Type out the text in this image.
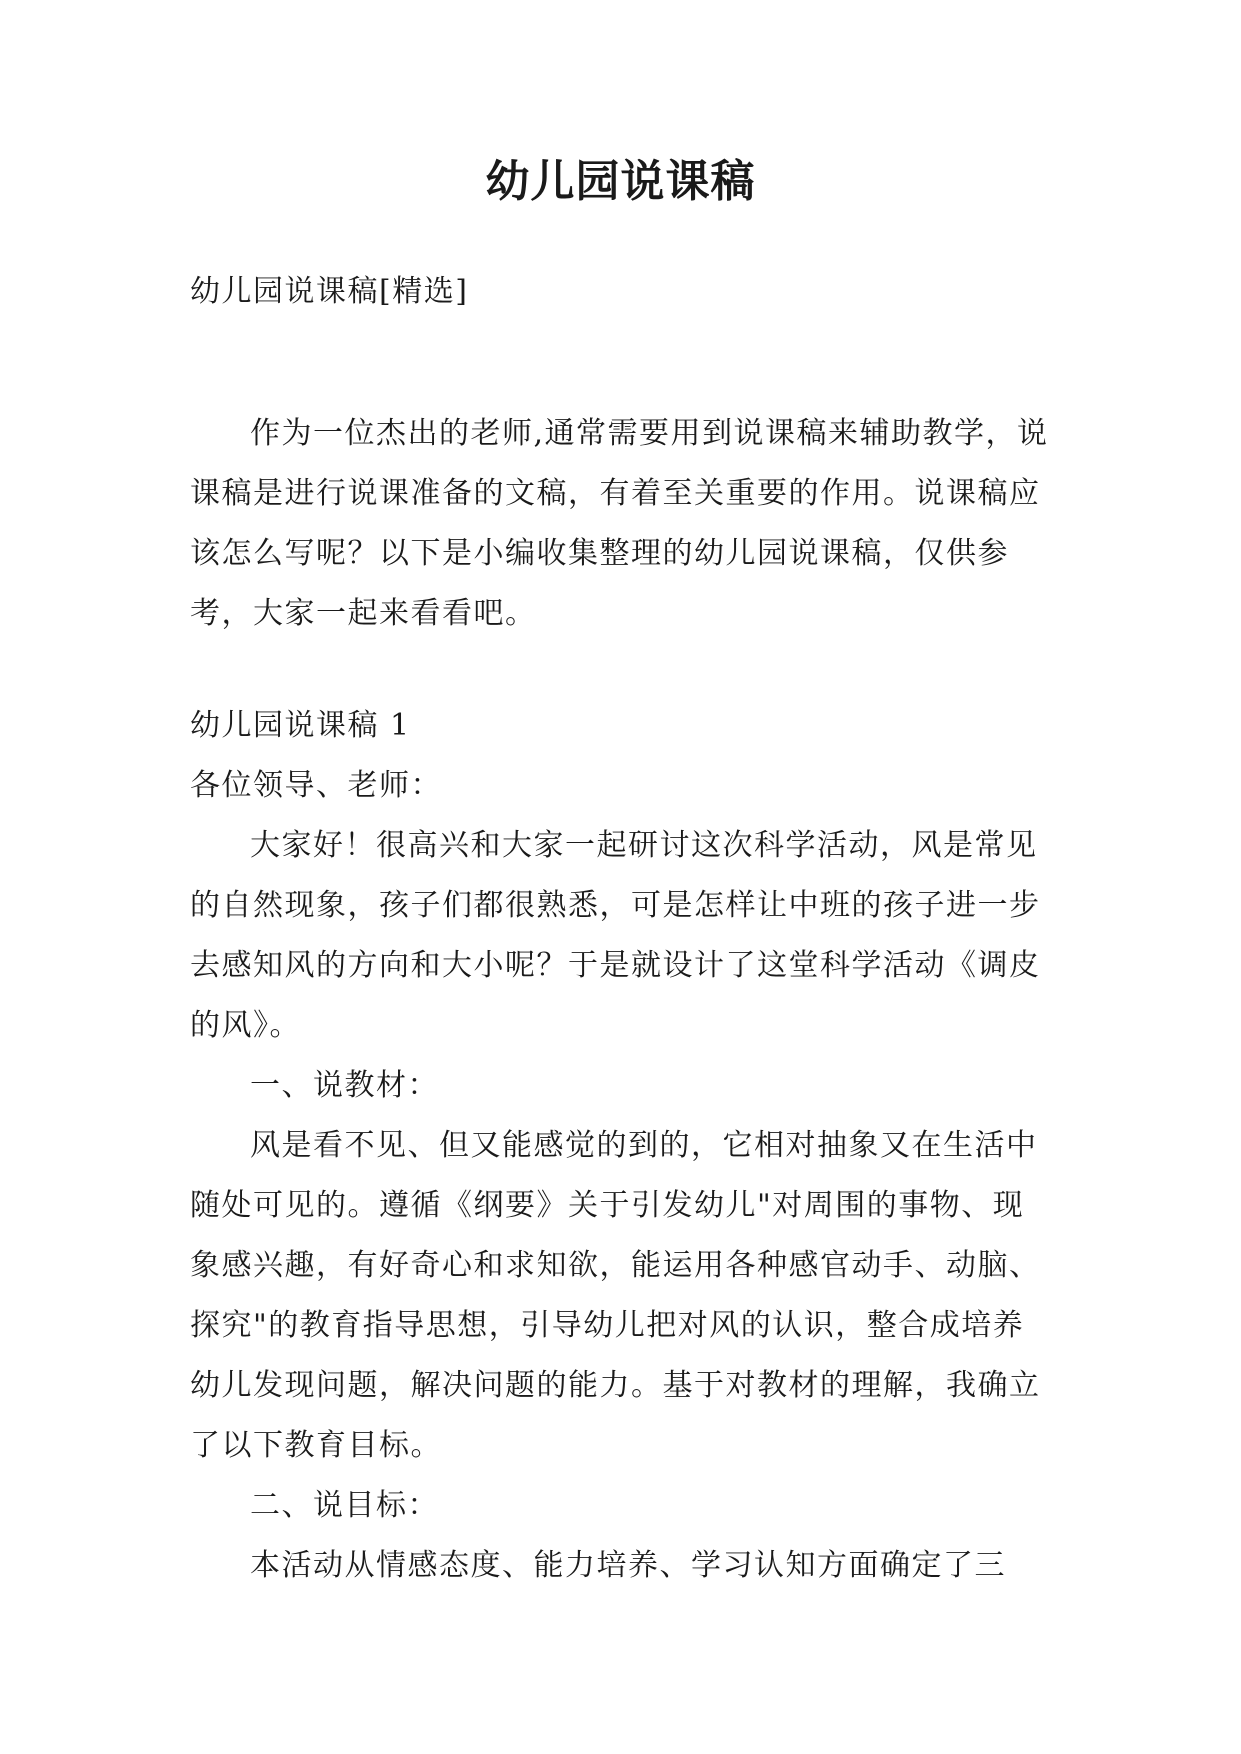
幼儿园说课稿

幼儿园说课稿[精选]

作为一位杰出的老师,通常需要用到说课稿来辅助教学，说课稿是进行说课准备的文稿，有着至关重要的作用。说课稿应该怎么写呢？以下是小编收集整理的幼儿园说课稿，仅供参考，大家一起来看看吧。

幼儿园说课稿 1

各位领导、老师：

大家好！很高兴和大家一起研讨这次科学活动，风是常见的自然现象，孩子们都很熟悉，可是怎样让中班的孩子进一步去感知风的方向和大小呢？于是就设计了这堂科学活动《调皮的风》。

一、说教材：

风是看不见、但又能感觉的到的，它相对抽象又在生活中随处可见的。遵循《纲要》关于引发幼儿"对周围的事物、现象感兴趣，有好奇心和求知欲，能运用各种感官动手、动脑、探究"的教育指导思想，引导幼儿把对风的认识，整合成培养幼儿发现问题，解决问题的能力。基于对教材的理解，我确立了以下教育目标。

二、说目标：

本活动从情感态度、能力培养、学习认知方面确定了三
